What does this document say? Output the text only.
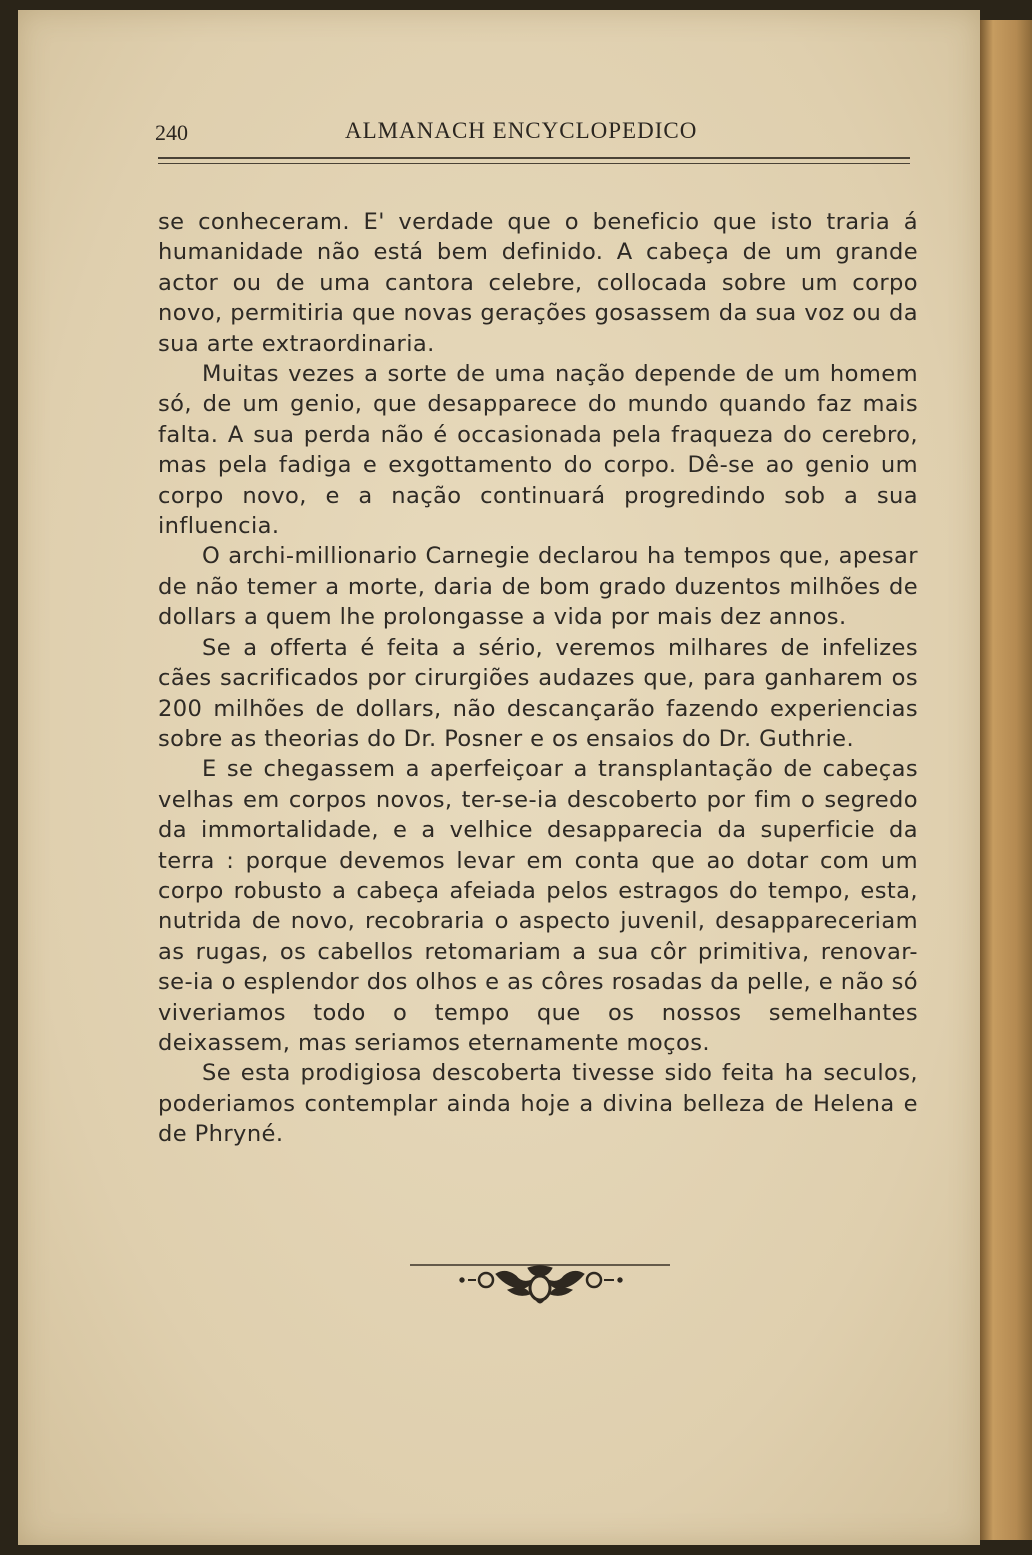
240	ALMANACH ENCYCLOPEDICO

se conheceram. E' verdade que o beneficio que isto traria á humanidade não está bem definido. A cabeça de um grande actor ou de uma cantora celebre, collocada sobre um corpo novo, permitiria que novas gerações gosassem da sua voz ou da sua arte extraordinaria.

Muitas vezes a sorte de uma nação depende de um homem só, de um genio, que desapparece do mundo quando faz mais falta. A sua perda não é occasionada pela fraqueza do cerebro, mas pela fadiga e exgottamento do corpo. Dê-se ao genio um corpo novo, e a nação continuará progredindo sob a sua influencia.

O archi-millionario Carnegie declarou ha tempos que, apesar de não temer a morte, daria de bom grado duzentos milhões de dollars a quem lhe prolongasse a vida por mais dez annos.

Se a offerta é feita a sério, veremos milhares de infelizes cães sacrificados por cirurgiões audazes que, para ganharem os 200 milhões de dollars, não descançarão fazendo experiencias sobre as theorias do Dr. Posner e os ensaios do Dr. Guthrie.

E se chegassem a aperfeiçoar a transplantação de cabeças velhas em corpos novos, ter-se-ia descoberto por fim o segredo da immortalidade, e a velhice desapparecia da superficie da terra : porque devemos levar em conta que ao dotar com um corpo robusto a cabeça afeiada pelos estragos do tempo, esta, nutrida de novo, recobraria o aspecto juvenil, desappareceriam as rugas, os cabellos retomariam a sua côr primitiva, renovar-se-ia o esplendor dos olhos e as côres rosadas da pelle, e não só viveriamos todo o tempo que os nossos semelhantes deixassem, mas seriamos eternamente moços.

Se esta prodigiosa descoberta tivesse sido feita ha seculos, poderiamos contemplar ainda hoje a divina belleza de Helena e de Phryné.
